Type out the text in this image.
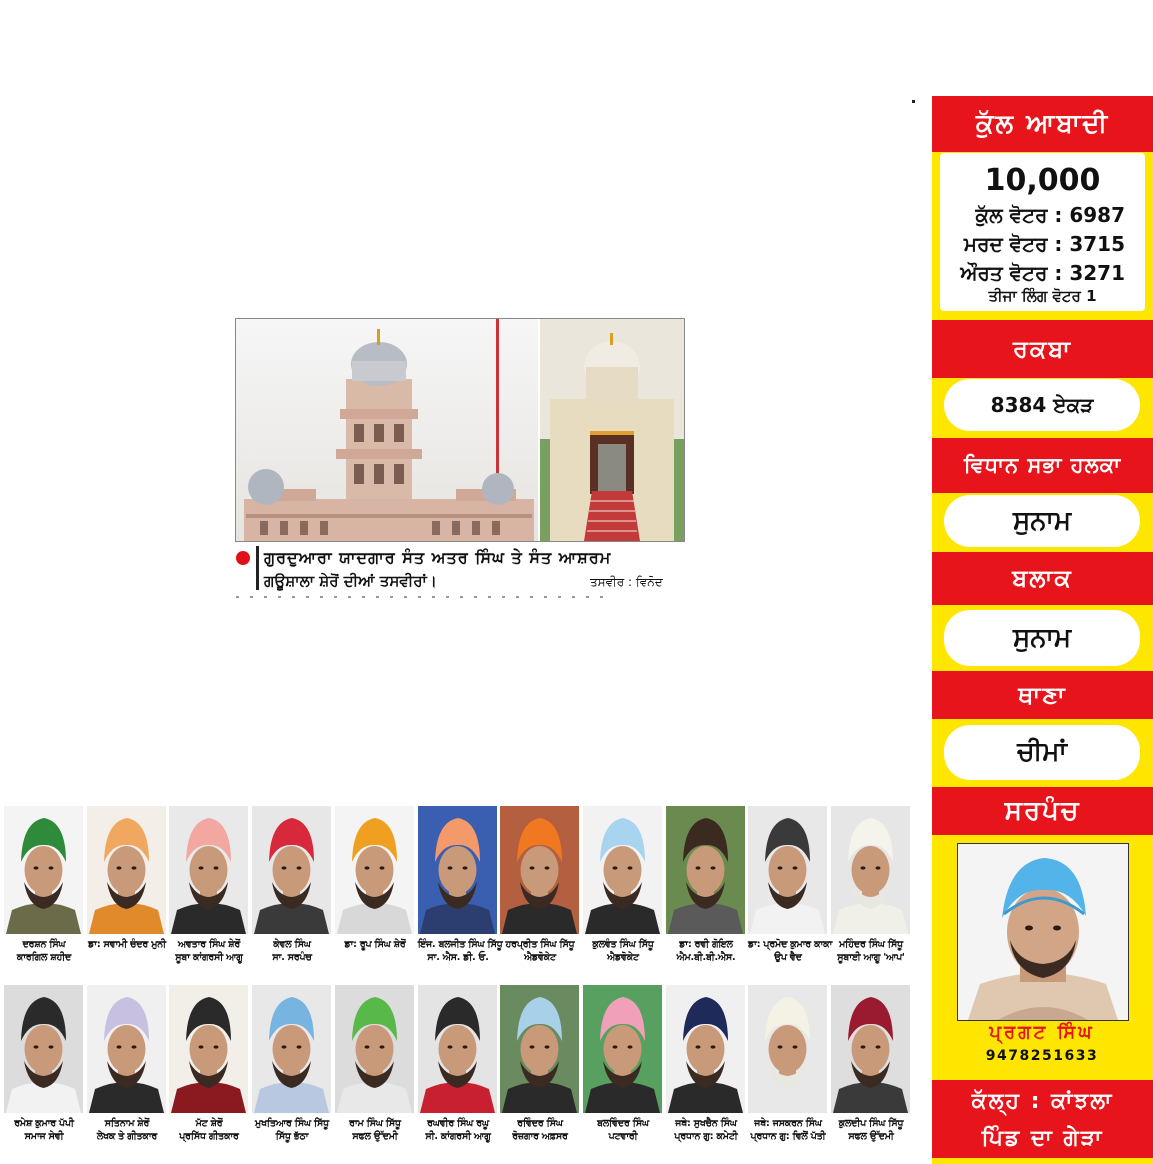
ਗੁਰਦੁਆਰਾ ਯਾਦਗਾਰ ਸੰਤ ਅਤਰ ਸਿੰਘ ਤੇ ਸੰਤ ਆਸ਼ਰਮ
ਗਊਸ਼ਾਲਾ ਸ਼ੇਰੋਂ ਦੀਆਂ ਤਸਵੀਰਾਂ।	ਤਸਵੀਰ : ਵਿਨੋਦ
ਦਰਸ਼ਨ ਸਿੰਘ
ਕਾਰਗਿਲ ਸ਼ਹੀਦ
ਡਾ: ਸਵਾਮੀ ਚੰਦਰ ਮੁਨੀ	ਅਵਤਾਰ ਸਿੰਘ ਸ਼ੇਰੋਂ
ਸੂਬਾ ਕਾਂਗਰਸੀ ਆਗੂ
ਕੇਵਲ ਸਿੰਘ
ਸਾ. ਸਰਪੰਚ
ਡਾ: ਰੂਪ ਸਿੰਘ ਸ਼ੇਰੋਂ	ਇੰਜ. ਬਲਜੀਤ ਸਿੰਘ ਸਿੱਧੂ
ਸਾ. ਐਸ. ਡੀ. ਓ.
ਹਰਪ੍ਰੀਤ ਸਿੰਘ ਸਿੱਧੂ
ਐਡਵੋਕੇਟ
ਕੁਲਵੰਤ ਸਿੰਘ ਸਿੱਧੂ
ਐਡਵੋਕੇਟ
ਡਾ: ਰਵੀ ਗੋਇਲ
ਐਮ.ਬੀ.ਬੀ.ਐਸ.
ਡਾ: ਪ੍ਰਮੋਦ ਕੁਮਾਰ ਕਾਕਾ
ਉਪ ਵੈਦ
ਮਹਿੰਦਰ ਸਿੰਘ ਸਿੱਧੂ
ਸੂਬਾਈ ਆਗੂ 'ਆਪ'
ਰਮੇਸ਼ ਕੁਮਾਰ ਪੱਪੀ
ਸਮਾਜ ਸੇਵੀ
ਸਤਿਨਾਮ ਸ਼ੇਰੋਂ
ਲੇਖਕ ਤੇ ਗੀਤਕਾਰ
ਮੱਟ ਸ਼ੇਰੋਂ
ਪ੍ਰਸਿੱਧ ਗੀਤਕਾਰ
ਮੁਖਤਿਆਰ ਸਿੰਘ ਸਿੱਧੂ
ਸਿੱਧੂ ਭੱਠਾ
ਰਾਮ ਸਿੰਘ ਸਿੱਧੂ
ਸਫਲ ਉੱਦਮੀ
ਰਘਵੀਰ ਸਿੰਘ ਰਘੂ
ਸੀ. ਕਾਂਗਰਸੀ ਆਗੂ
ਰਵਿੰਦਰ ਸਿੰਘ
ਰੋਜ਼ਗਾਰ ਅਫ਼ਸਰ
ਬਲਵਿੰਦਰ ਸਿੰਘ
ਪਟਵਾਰੀ
ਜਥੇ: ਸੁਖਚੈਨ ਸਿੰਘ
ਪ੍ਰਧਾਨ ਗੁ: ਕਮੇਟੀ
ਜਥੇ: ਜਸਕਰਨ ਸਿੰਘ
ਪ੍ਰਧਾਨ ਗੁ: ਵਿਲੋਂ ਪੱਤੀ
ਕੁਲਦੀਪ ਸਿੰਘ ਸਿੱਧੂ
ਸਫਲ ਉੱਦਮੀ
ਕੁੱਲ ਆਬਾਦੀ
10,000
ਕੁੱਲ ਵੋਟਰ : 6987
ਮਰਦ ਵੋਟਰ : 3715
ਔਰਤ ਵੋਟਰ : 3271
ਤੀਜਾ ਲਿੰਗ ਵੋਟਰ 1
ਰਕਬਾ
8384 ਏਕੜ
ਵਿਧਾਨ ਸਭਾ ਹਲਕਾ
ਸੁਨਾਮ
ਬਲਾਕ
ਸੁਨਾਮ
ਥਾਣਾ
ਚੀਮਾਂ
ਸਰਪੰਚ
ਪ੍ਰਗਟ ਸਿੰਘ
9478251633
ਕੱਲ੍ਹ : ਕਾਂਝਲਾ
ਪਿੰਡ ਦਾ ਗੇੜਾ
